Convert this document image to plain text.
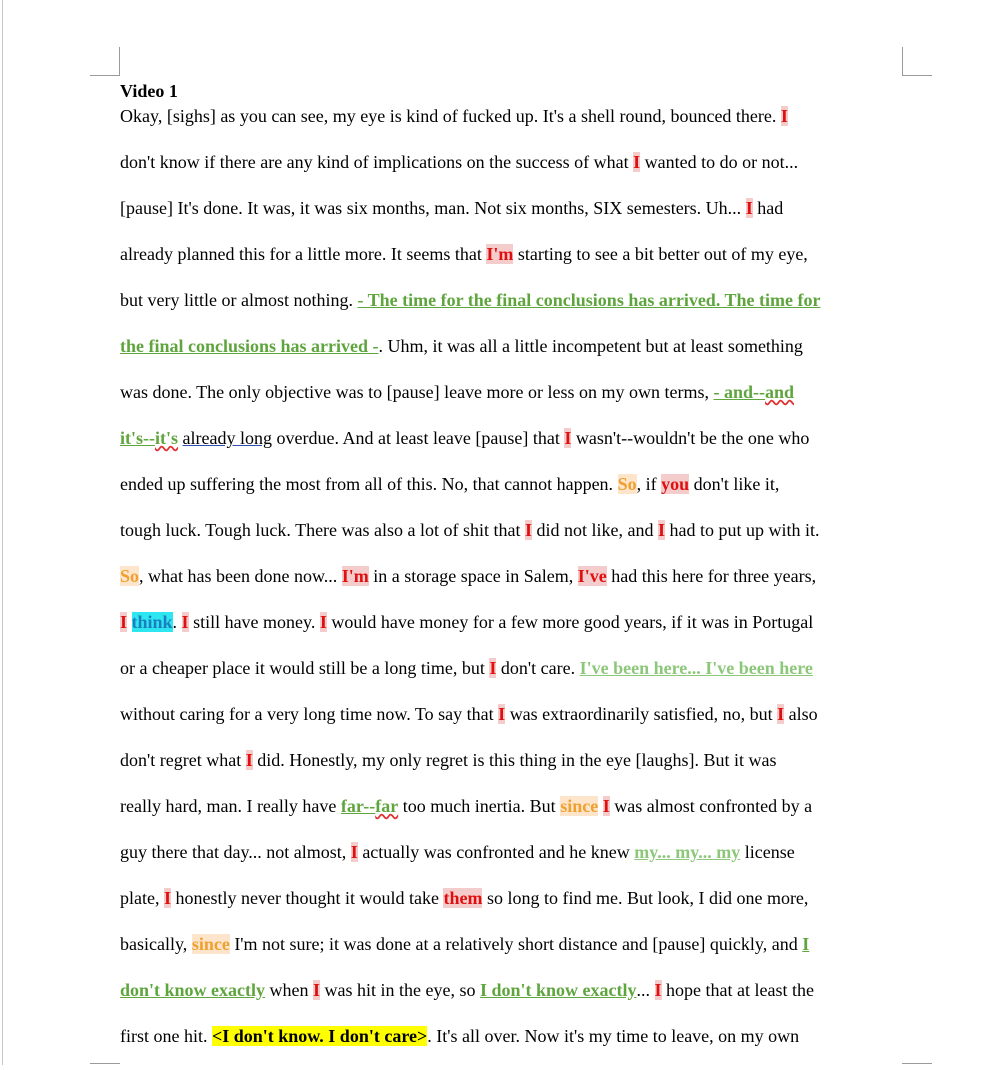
Video 1
Okay, [sighs] as you can see, my eye is kind of fucked up. It's a shell round, bounced there. I
don't know if there are any kind of implications on the success of what I wanted to do or not...
[pause] It's done. It was, it was six months, man. Not six months, SIX semesters. Uh... I had
already planned this for a little more. It seems that I'm starting to see a bit better out of my eye,
but very little or almost nothing. - The time for the final conclusions has arrived. The time for
the final conclusions has arrived -. Uhm, it was all a little incompetent but at least something
was done. The only objective was to [pause] leave more or less on my own terms, - and--and
it's--it's already long overdue. And at least leave [pause] that I wasn't--wouldn't be the one who
ended up suffering the most from all of this. No, that cannot happen. So, if you don't like it,
tough luck. Tough luck. There was also a lot of shit that I did not like, and I had to put up with it.
So, what has been done now... I'm in a storage space in Salem, I've had this here for three years,
I think. I still have money. I would have money for a few more good years, if it was in Portugal
or a cheaper place it would still be a long time, but I don't care. I've been here... I've been here
without caring for a very long time now. To say that I was extraordinarily satisfied, no, but I also
don't regret what I did. Honestly, my only regret is this thing in the eye [laughs]. But it was
really hard, man. I really have far--far too much inertia. But since I was almost confronted by a
guy there that day... not almost, I actually was confronted and he knew my... my... my license
plate, I honestly never thought it would take them so long to find me. But look, I did one more,
basically, since I'm not sure; it was done at a relatively short distance and [pause] quickly, and I
don't know exactly when I was hit in the eye, so I don't know exactly... I hope that at least the
first one hit. <I don't know. I don't care>. It's all over. Now it's my time to leave, on my own
